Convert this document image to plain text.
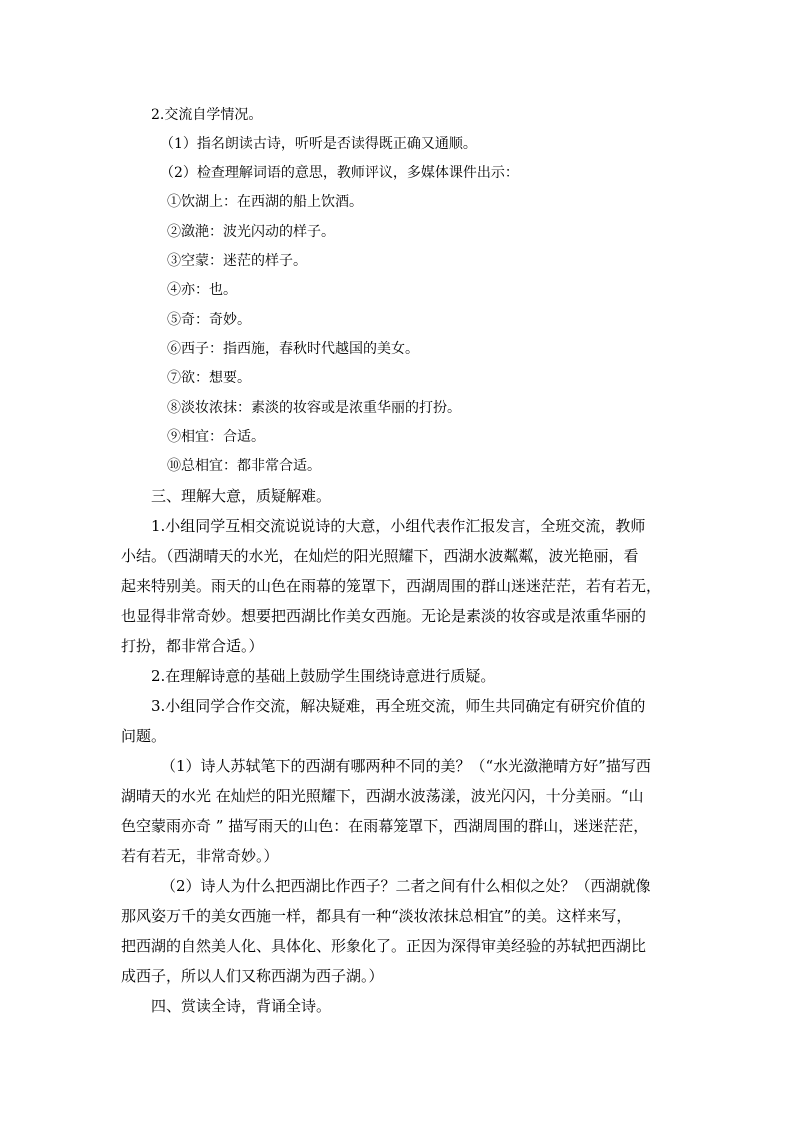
2.交流自学情况。
（1）指名朗读古诗，听听是否读得既正确又通顺。
（2）检查理解词语的意思，教师评议，多媒体课件出示：
①饮湖上：在西湖的船上饮酒。
②潋滟：波光闪动的样子。
③空蒙：迷茫的样子。
④亦：也。
⑤奇：奇妙。
⑥西子：指西施，春秋时代越国的美女。
⑦欲：想要。
⑧淡妆浓抹：素淡的妆容或是浓重华丽的打扮。
⑨相宜：合适。
⑩总相宜：都非常合适。
三、理解大意，质疑解难。
1.小组同学互相交流说说诗的大意，小组代表作汇报发言，全班交流，教师
小结。（西湖晴天的水光，在灿烂的阳光照耀下，西湖水波粼粼，波光艳丽，看
起来特别美。雨天的山色在雨幕的笼罩下，西湖周围的群山迷迷茫茫，若有若无，
也显得非常奇妙。想要把西湖比作美女西施。无论是素淡的妆容或是浓重华丽的
打扮，都非常合适。）
2.在理解诗意的基础上鼓励学生围绕诗意进行质疑。
3.小组同学合作交流，解决疑难，再全班交流，师生共同确定有研究价值的
问题。
（1）诗人苏轼笔下的西湖有哪两种不同的美？（“水光潋滟晴方好”描写西
湖晴天的水光 在灿烂的阳光照耀下，西湖水波荡漾，波光闪闪，十分美丽。“山
色空蒙雨亦奇 ” 描写雨天的山色：在雨幕笼罩下，西湖周围的群山，迷迷茫茫，
若有若无，非常奇妙。）
（2）诗人为什么把西湖比作西子？二者之间有什么相似之处？（西湖就像
那风姿万千的美女西施一样，都具有一种“淡妆浓抹总相宜”的美。这样来写，
把西湖的自然美人化、具体化、形象化了。正因为深得审美经验的苏轼把西湖比
成西子，所以人们又称西湖为西子湖。）
四、赏读全诗，背诵全诗。
